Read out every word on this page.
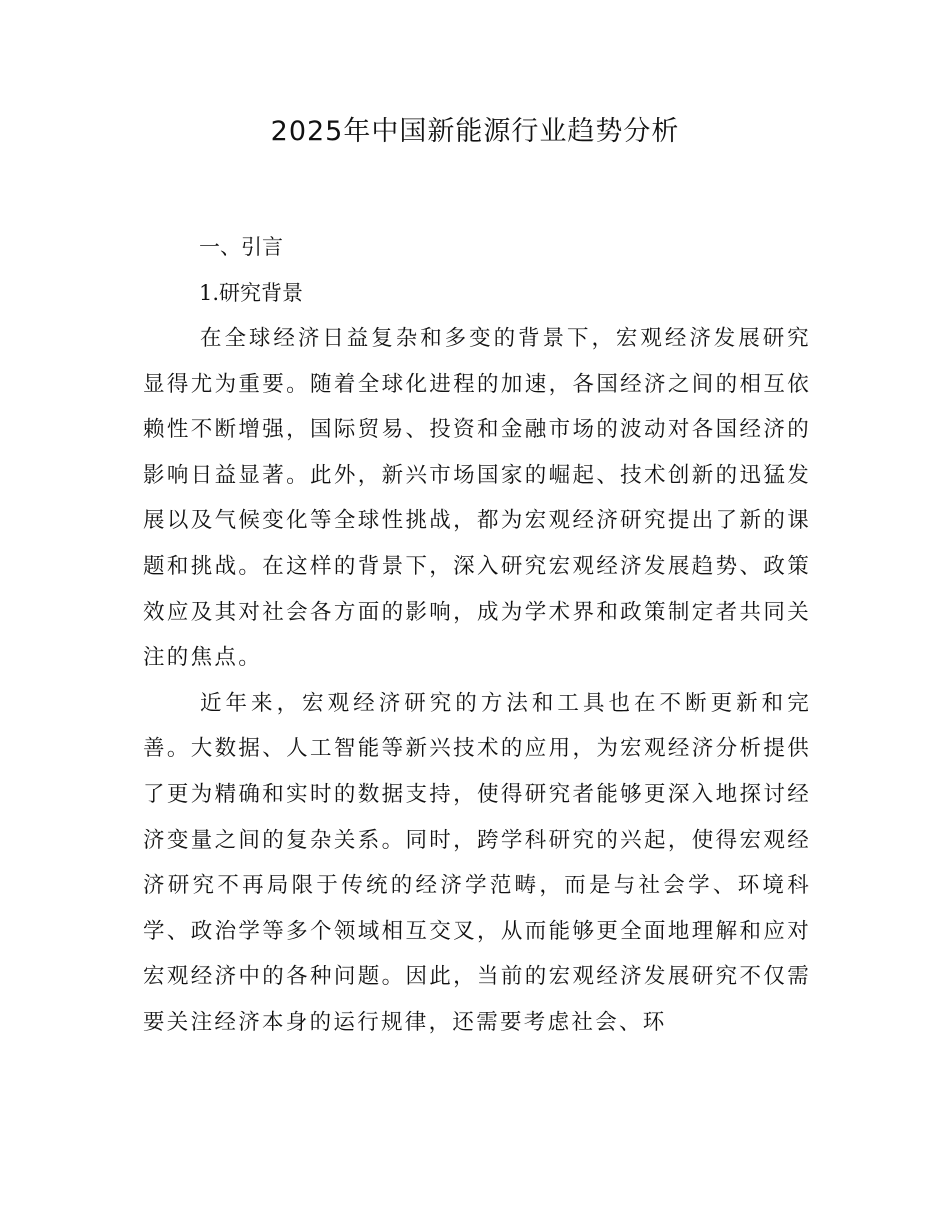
2025年中国新能源行业趋势分析
一、引言
1.研究背景

在全球经济日益复杂和多变的背景下，宏观经济发展研究显得尤为重要。随着全球化进程的加速，各国经济之间的相互依赖性不断增强，国际贸易、投资和金融市场的波动对各国经济的影响日益显著。此外，新兴市场国家的崛起、技术创新的迅猛发展以及气候变化等全球性挑战，都为宏观经济研究提出了新的课题和挑战。在这样的背景下，深入研究宏观经济发展趋势、政策效应及其对社会各方面的影响，成为学术界和政策制定者共同关注的焦点。

近年来，宏观经济研究的方法和工具也在不断更新和完善。大数据、人工智能等新兴技术的应用，为宏观经济分析提供了更为精确和实时的数据支持，使得研究者能够更深入地探讨经济变量之间的复杂关系。同时，跨学科研究的兴起，使得宏观经济研究不再局限于传统的经济学范畴，而是与社会学、环境科学、政治学等多个领域相互交叉，从而能够更全面地理解和应对宏观经济中的各种问题。因此，当前的宏观经济发展研究不仅需要关注经济本身的运行规律，还需要考虑社会、环
